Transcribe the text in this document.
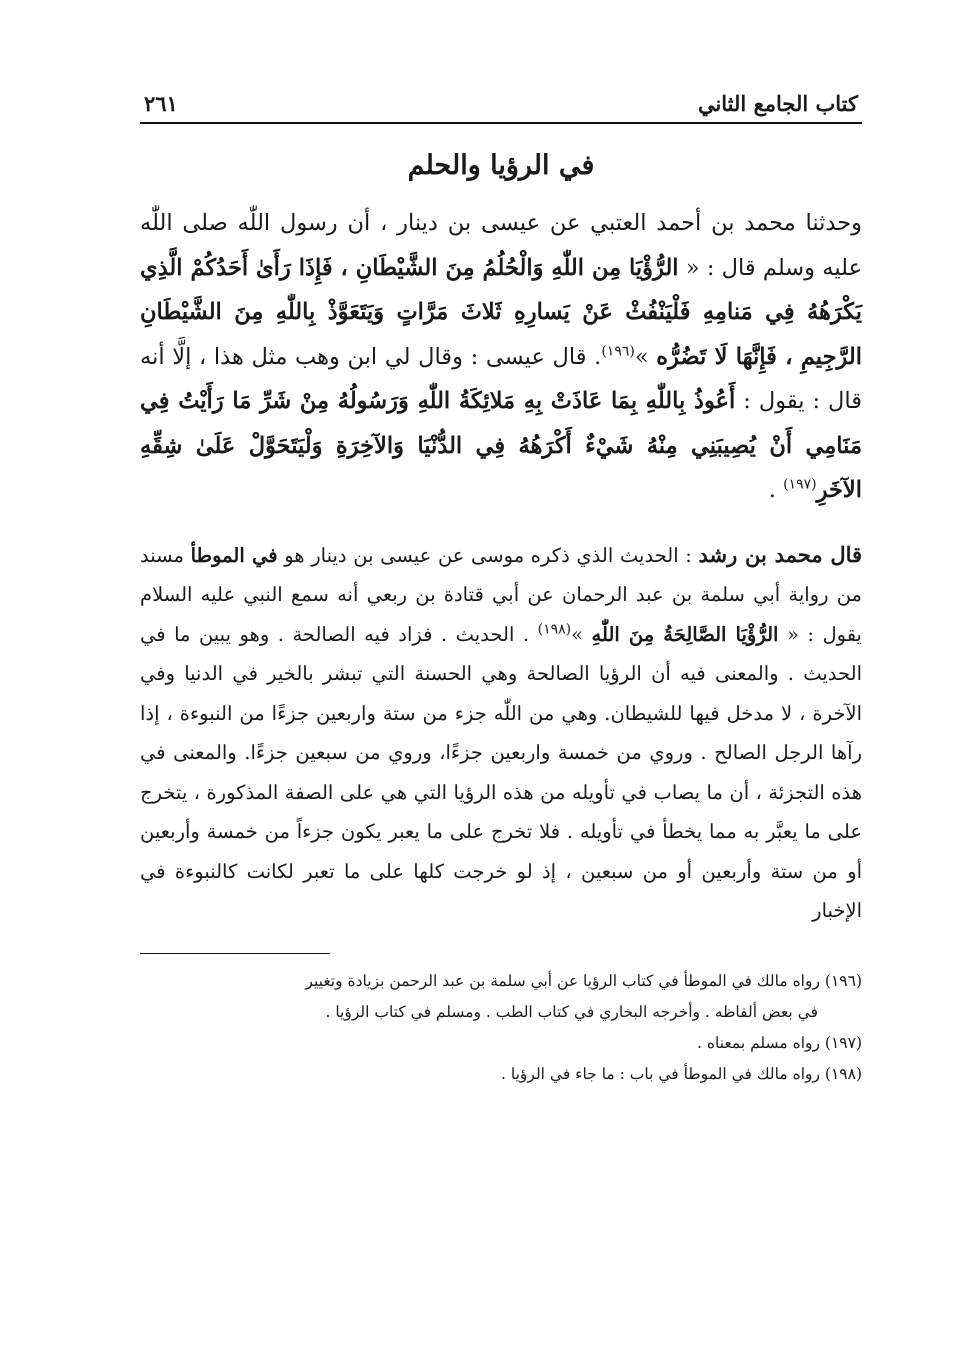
كتاب الجامع الثاني
٢٦١
في الرؤيا والحلم

وحدثنا محمد بن أحمد العتبي عن عيسى بن دينار ، أن رسول اللّٰه صلى اللّٰه عليه وسلم قال : « الرُّؤْيَا مِن اللّٰهِ وَالْحُلُمُ مِنَ الشَّيْطَانِ ، فَإِذَا رَأَىٰ أَحَدُكُمْ الَّذِي يَكْرَهُهُ فِي مَنامِهِ فَلْيَنْفُثْ عَنْ يَسارِهِ ثَلاثَ مَرَّاتٍ وَيَتَعَوَّذْ بِاللّٰهِ مِنَ الشَّيْطَانِ الرَّجِيمِ ، فَإِنَّهَا لَا تَضُرُّه »$^{(١٩٦)}$. قال عيسى : وقال لي ابن وهب مثل هذا ، إلَّا أنه قال : يقول : أَعُوذُ بِاللّٰهِ بِمَا عَاذَتْ بِهِ مَلائِكَةُ اللّٰهِ وَرَسُولُهُ مِنْ شَرِّ مَا رَأَيْتُ فِي مَنَامِي أَنْ يُصِيبَنِي مِنْهُ شَيْءٌ أَكْرَهُهُ فِي الدُّنْيَا وَالآخِرَةِ وَلْيَتَحَوَّلْ عَلَىٰ شِقِّهِ الآخَرِ$^{(١٩٧)}$ .

قال محمد بن رشد : الحديث الذي ذكره موسى عن عيسى بن دينار هو في الموطأ مسند من رواية أبي سلمة بن عبد الرحمان عن أبي قتادة بن ربعي أنه سمع النبي عليه السلام يقول : « الرُّؤْيَا الصَّالِحَةُ مِنَ اللّٰهِ »$^{(١٩٨)}$ . الحديث . فزاد فيه الصالحة . وهو يبين ما في الحديث . والمعنى فيه أن الرؤيا الصالحة وهي الحسنة التي تبشر بالخير في الدنيا وفي الآخرة ، لا مدخل فيها للشيطان. وهي من اللّٰه جزء من ستة واربعين جزءًا من النبوءة ، إذا رآها الرجل الصالح . وروي من خمسة واربعين جزءًا، وروي من سبعين جزءًا. والمعنى في هذه التجزئة ، أن ما يصاب في تأويله من هذه الرؤيا التي هي على الصفة المذكورة ، يتخرج على ما يعبَّر به مما يخطأ في تأويله . فلا تخرج على ما يعبر يكون جزءاً من خمسة وأربعين أو من ستة وأربعين أو من سبعين ، إذ لو خرجت كلها على ما تعبر لكانت كالنبوءة في الإخبار

(١٩٦) رواه مالك في الموطأ في كتاب الرؤيا عن أبي سلمة بن عبد الرحمن بزيادة وتغيير
في بعض ألفاظه . وأخرجه البخاري في كتاب الطب . ومسلم في كتاب الرؤيا .

(١٩٧) رواه مسلم بمعناه .

(١٩٨) رواه مالك في الموطأ في باب : ما جاء في الرؤيا .
